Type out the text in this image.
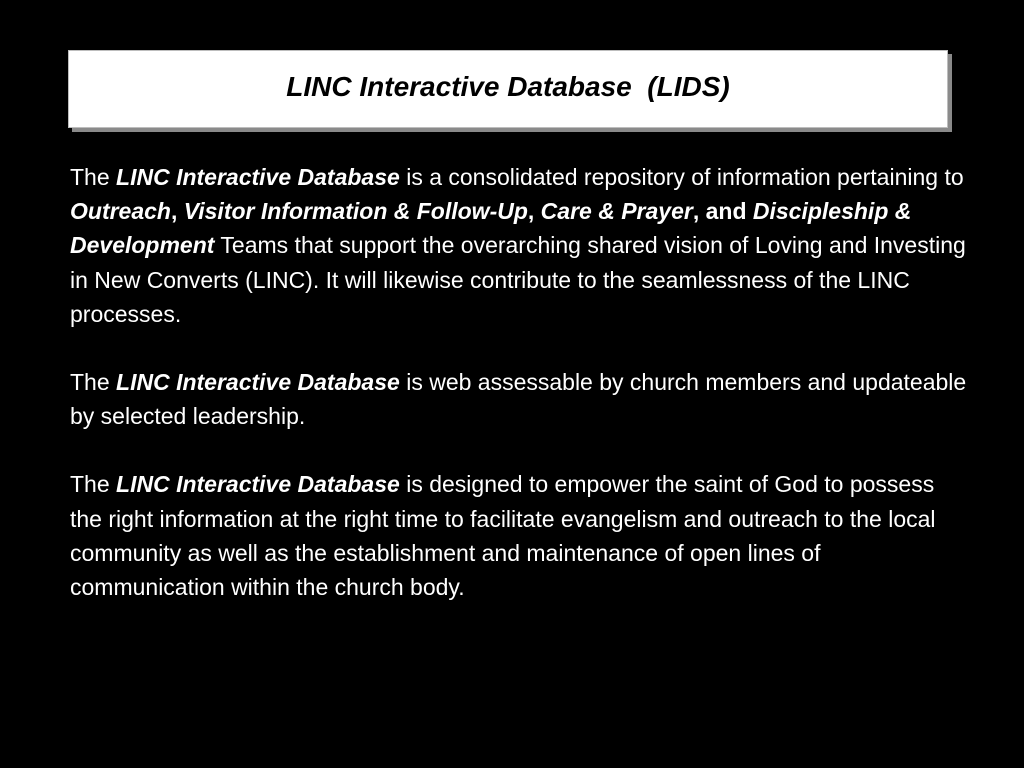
LINC Interactive Database  (LIDS)

The LINC Interactive Database is a consolidated repository of information pertaining to Outreach, Visitor Information & Follow-Up, Care & Prayer, and Discipleship & Development Teams that support the overarching shared vision of Loving and Investing in New Converts (LINC). It will likewise contribute to the seamlessness of the LINC processes.

The LINC Interactive Database is web assessable by church members and updateable by selected leadership.

The LINC Interactive Database is designed to empower the saint of God to possess the right information at the right time to facilitate evangelism and outreach to the local community as well as the establishment and maintenance of open lines of communication within the church body.
